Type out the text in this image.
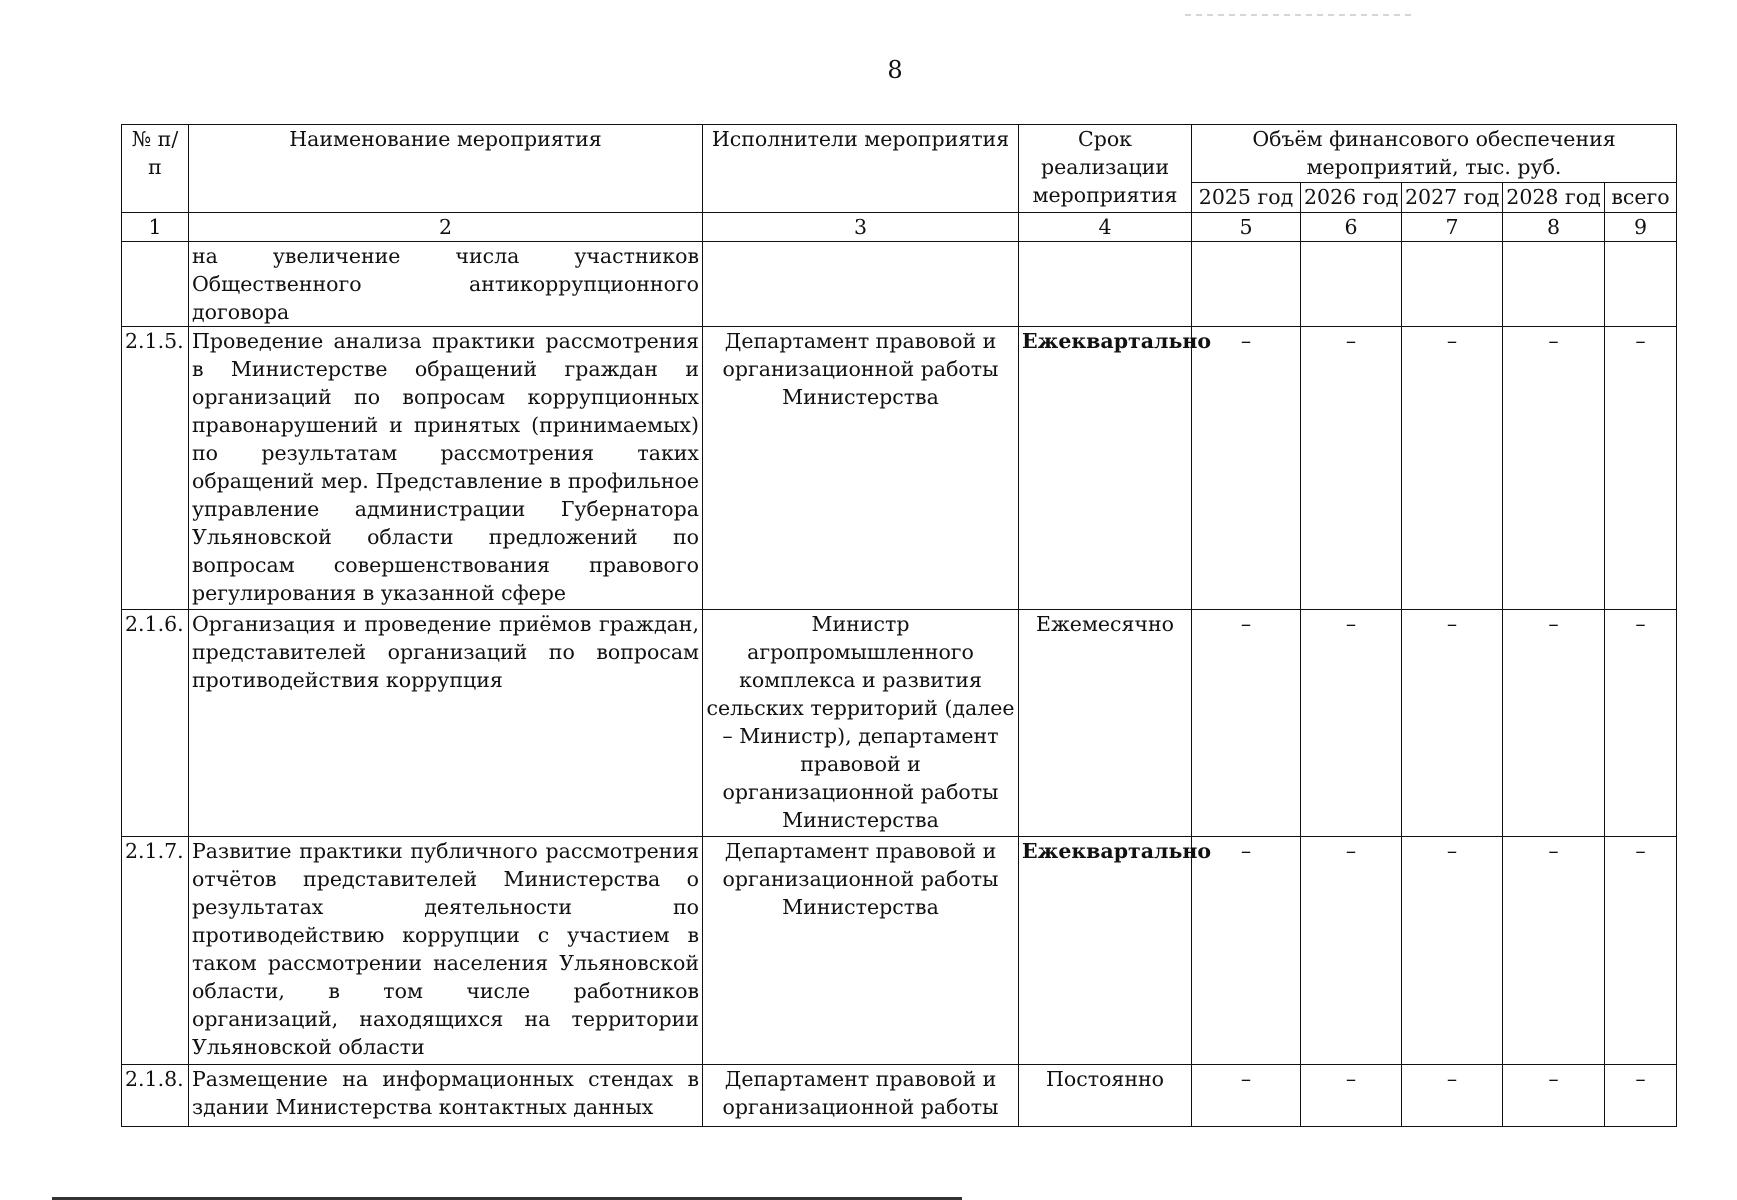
8
№ п/п	Наименование мероприятия	Исполнители мероприятия	Срок реализации мероприятия	Объём финансового обеспечения мероприятий, тыс. руб.				
				2025 год	2026 год	2027 год	2028 год	всего
1	2	3	4	5	6	7	8	9
	на увеличение числа участников Общественного антикоррупционного договора							
2.1.5.	Проведение анализа практики рассмотрения в Министерстве обращений граждан и организаций по вопросам коррупционных правонарушений и принятых (принимаемых) по результатам рассмотрения таких обращений мер. Представление в профильное управление администрации Губернатора Ульяновской области предложений по вопросам совершенствования правового регулирования в указанной сфере	Департамент правовой и организационной работы Министерства	Ежеквартально	–	–	–	–	–
2.1.6.	Организация и проведение приёмов граждан, представителей организаций по вопросам противодействия коррупция	Министр агропромышленного комплекса и развития сельских территорий (далее – Министр), департамент правовой и организационной работы Министерства	Ежемесячно	–	–	–	–	–
2.1.7.	Развитие практики публичного рассмотрения отчётов представителей Министерства о результатах деятельности по противодействию коррупции с участием в таком рассмотрении населения Ульяновской области, в том числе работников организаций, находящихся на территории Ульяновской области	Департамент правовой и организационной работы Министерства	Ежеквартально	–	–	–	–	–
2.1.8.	Размещение на информационных стендах в здании Министерства контактных данных	Департамент правовой и организационной работы	Постоянно	–	–	–	–	–
